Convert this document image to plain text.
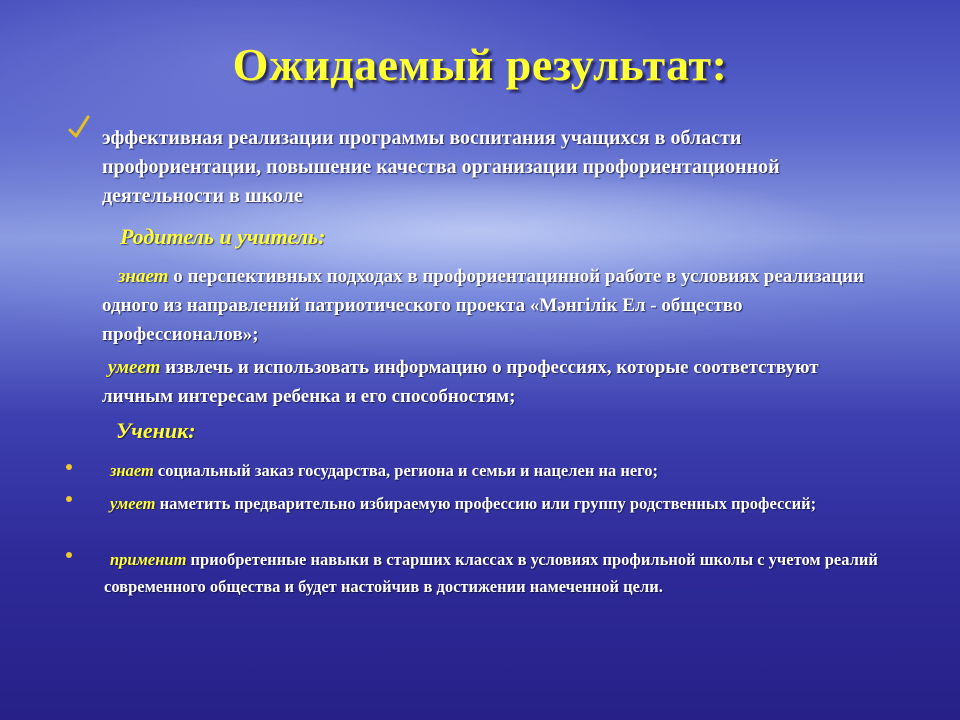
Ожидаемый результат:

эффективная реализации программы воспитания учащихся в области профориентации, повышение качества организации профориентационной деятельности в школе

Родитель и учитель:

знает о перспективных подходах в профориентацинной работе в условиях реализации одного из направлений патриотического проекта «Мәнгілік Ел - общество профессионалов»;

умеет извлечь и использовать информацию о профессиях, которые соответствуют личным интересам ребенка и его способностям;

Ученик:

знает социальный заказ государства, региона и семьи и нацелен на него;

умеет наметить предварительно избираемую профессию или группу родственных профессий;

применит приобретенные навыки в старших классах в условиях профильной школы с учетом реалий современного общества и будет настойчив в достижении намеченной цели.
